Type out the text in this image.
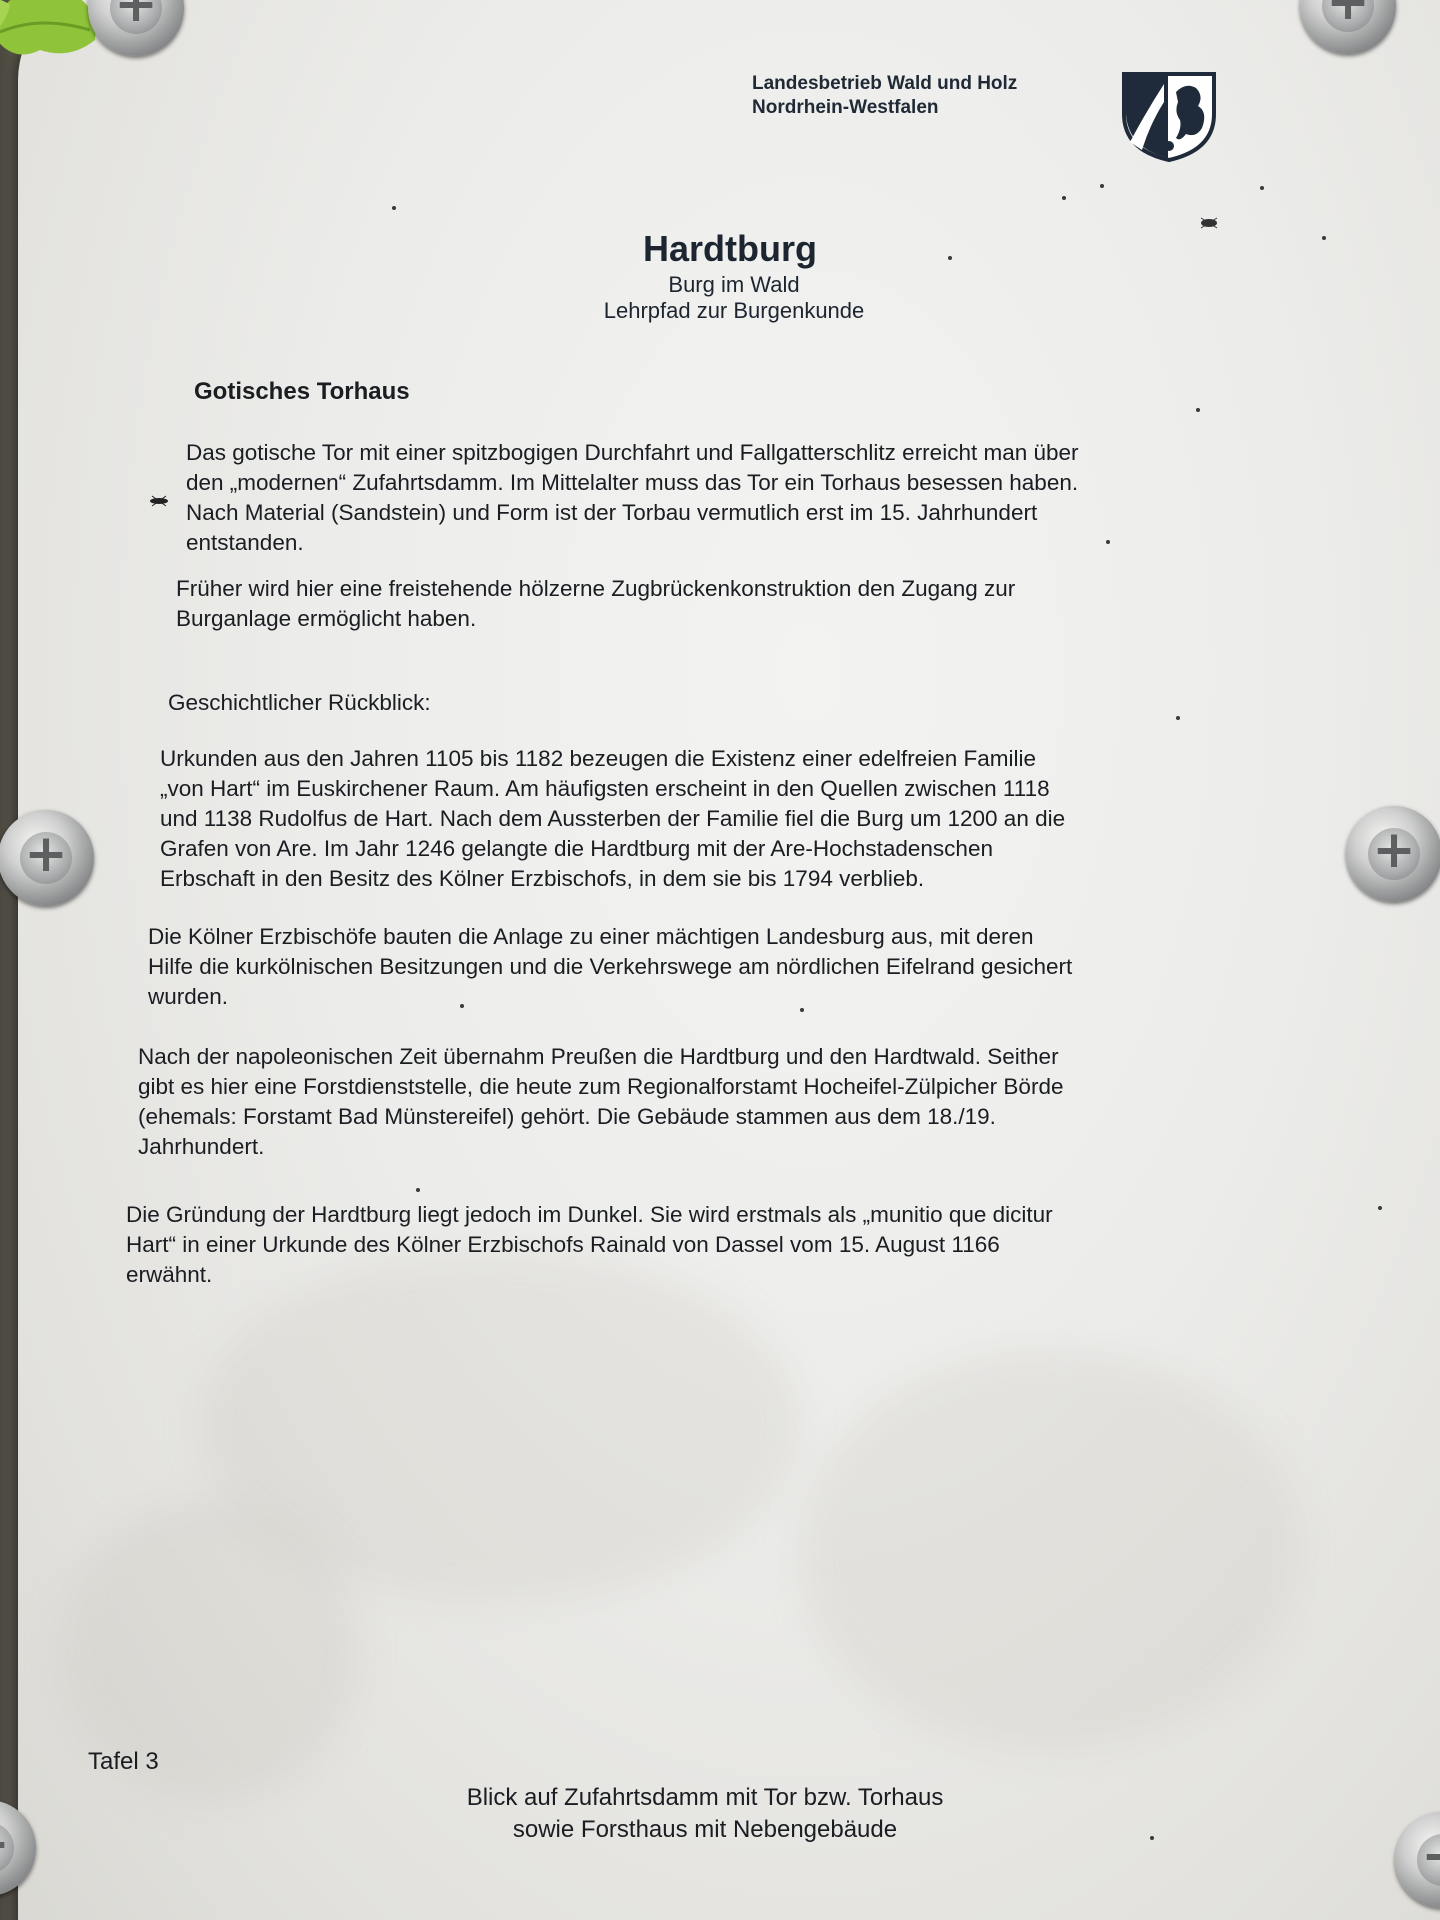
+
+
+
+
+
+
Landesbetrieb Wald und Holz
Nordrhein-Westfalen
Hardtburg
Burg im Wald
Lehrpfad zur Burgenkunde
Gotisches Torhaus
Das gotische Tor mit einer spitzbogigen Durchfahrt und Fallgatterschlitz erreicht man über
den „modernen“ Zufahrtsdamm. Im Mittelalter muss das Tor ein Torhaus besessen haben.
Nach Material (Sandstein) und Form ist der Torbau vermutlich erst im 15. Jahrhundert
entstanden.
Früher wird hier eine freistehende hölzerne Zugbrückenkonstruktion den Zugang zur
Burganlage ermöglicht haben.
Geschichtlicher Rückblick:
Urkunden aus den Jahren 1105 bis 1182 bezeugen die Existenz einer edelfreien Familie
„von Hart“ im Euskirchener Raum. Am häufigsten erscheint in den Quellen zwischen 1118
und 1138 Rudolfus de Hart. Nach dem Aussterben der Familie fiel die Burg um 1200 an die
Grafen von Are. Im Jahr 1246 gelangte die Hardtburg mit der Are-Hochstadenschen
Erbschaft in den Besitz des Kölner Erzbischofs, in dem sie bis 1794 verblieb.
Die Kölner Erzbischöfe bauten die Anlage zu einer mächtigen Landesburg aus, mit deren
Hilfe die kurkölnischen Besitzungen und die Verkehrswege am nördlichen Eifelrand gesichert
wurden.
Nach der napoleonischen Zeit übernahm Preußen die Hardtburg und den Hardtwald. Seither
gibt es hier eine Forstdienststelle, die heute zum Regionalforstamt Hocheifel-Zülpicher Börde
(ehemals: Forstamt Bad Münstereifel) gehört. Die Gebäude stammen aus dem 18./19.
Jahrhundert.
Die Gründung der Hardtburg liegt jedoch im Dunkel. Sie wird erstmals als „munitio que dicitur
Hart“ in einer Urkunde des Kölner Erzbischofs Rainald von Dassel vom 15. August 1166
erwähnt.
Tafel 3
Blick auf Zufahrtsdamm mit Tor bzw. Torhaus
sowie Forsthaus mit Nebengebäude
